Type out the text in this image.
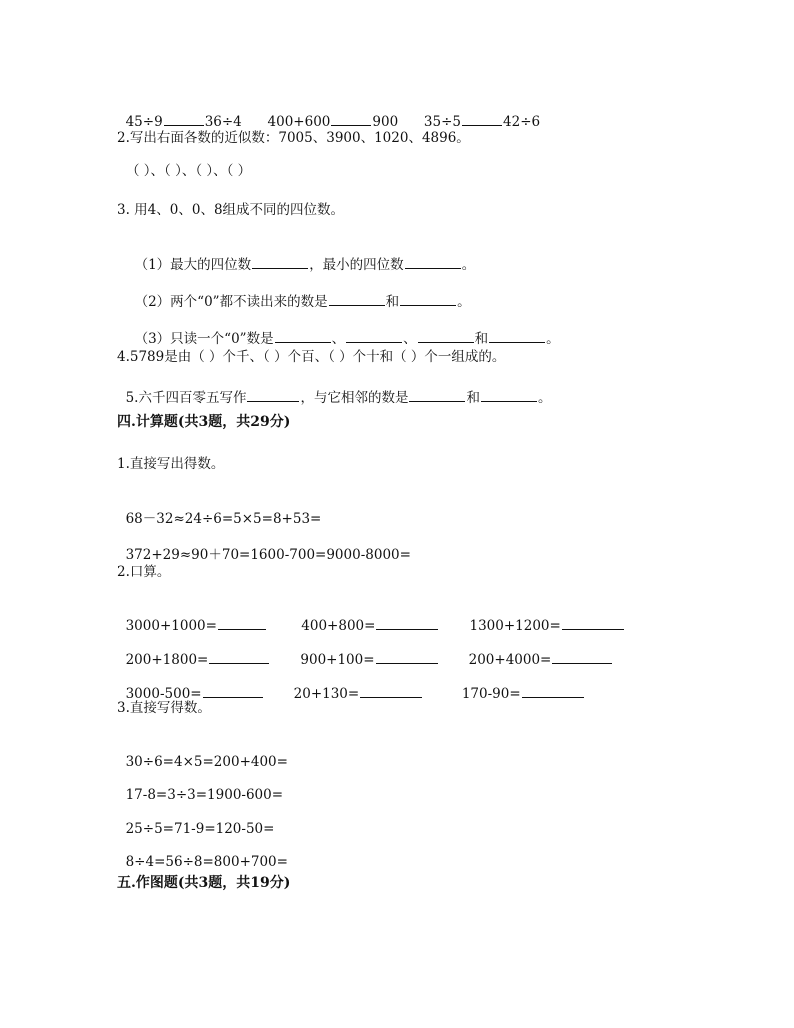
45÷9	36÷4 400+600	900 35÷5	42÷6

2.写出右面各数的近似数：7005、3900、1020、4896。
（ ）、（ ）、（ ）、（ ）
3. 用4、0、0、8组成不同的四位数。

（1）最大的四位数	，最小的四位数	。

（2）两个“0”都不读出来的数是	和	。

（3）只读一个“0”数是	、	、	和	。

4.5789是由（ ）个千、（ ）个百、（ ）个十和（ ）个一组成的。

5.六千四百零五写作	，与它相邻的数是	和	。

四.计算题(共3题，共29分)
1.直接写出得数。

68－32≈24÷6=5×5=8+53=

372+29≈90＋70=1600-700=9000-8000=

2.口算。

3000+1000=	400+800=	1300+1200=

200+1800=	900+100=	200+4000=

3000-500=	20+130=	170-90=

3.直接写得数。

30÷6=4×5=200+400=

17-8=3÷3=1900-600=

25÷5=71-9=120-50=

8÷4=56÷8=800+700=

五.作图题(共3题，共19分)
